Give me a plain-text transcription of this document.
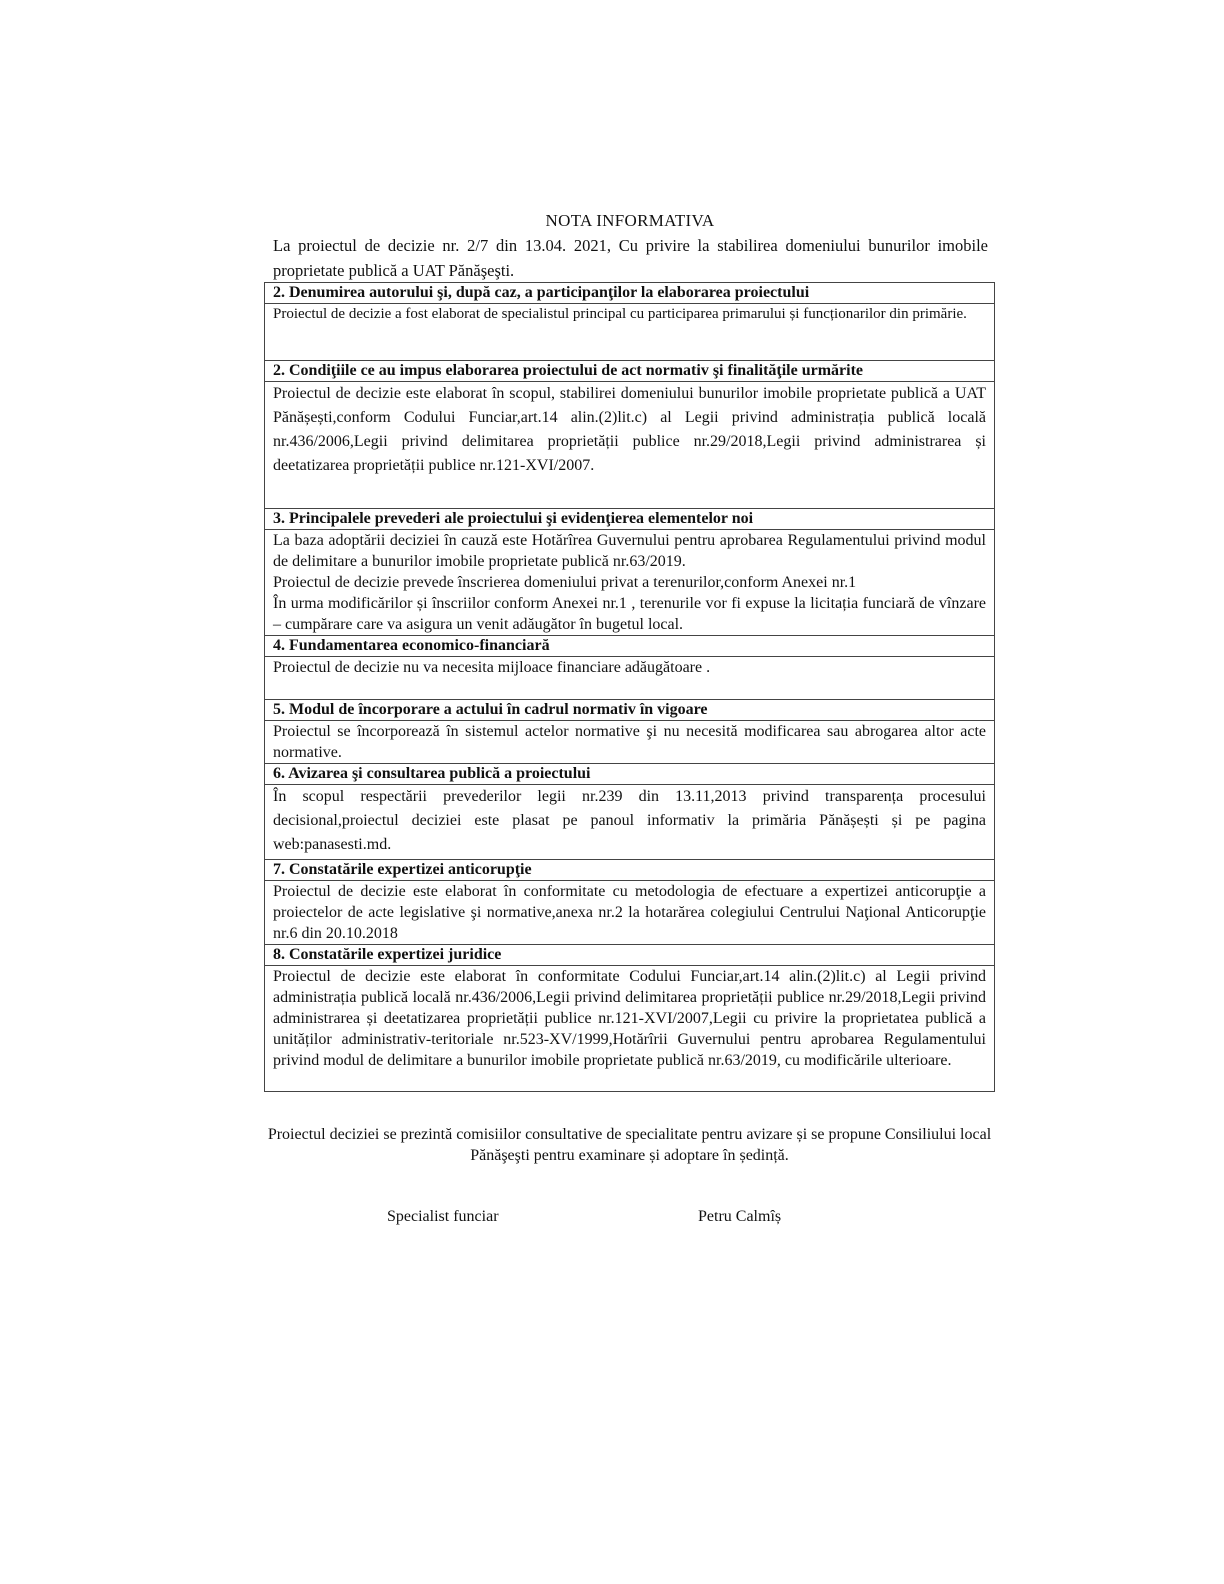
NOTA INFORMATIVA

La proiectul de decizie nr. 2/7 din 13.04. 2021, Cu privire la stabilirea domeniului bunurilor imobile proprietate publică a UAT Pănăşeşti.

2. Denumirea autorului şi, după caz, a participanţilor la elaborarea proiectului

Proiectul de decizie a fost elaborat de specialistul principal cu participarea primarului și funcționarilor din primărie.

2. Condiţiile ce au impus elaborarea proiectului de act normativ şi finalităţile urmărite

Proiectul de decizie este elaborat în scopul, stabilirei domeniului bunurilor imobile proprietate publică a UAT Pănășești,conform Codului Funciar,art.14 alin.(2)lit.c) al Legii privind administrația publică locală nr.436/2006,Legii privind delimitarea proprietății publice nr.29/2018,Legii privind administrarea și deetatizarea proprietății publice nr.121-XVI/2007.

3. Principalele prevederi ale proiectului şi evidenţierea elementelor noi

La baza adoptării deciziei în cauză este Hotărîrea Guvernului pentru aprobarea Regulamentului privind modul de delimitare a bunurilor imobile proprietate publică nr.63/2019.

Proiectul de decizie prevede înscrierea domeniului privat a terenurilor,conform Anexei nr.1

În urma modificărilor și înscriilor conform Anexei nr.1 , terenurile vor fi expuse la licitația funciară de vînzare – cumpărare care va asigura un venit adăugător în bugetul local.

4. Fundamentarea economico-financiară

Proiectul de decizie nu va necesita mijloace financiare adăugătoare .

5. Modul de încorporare a actului în cadrul normativ în vigoare

Proiectul se încorporează în sistemul actelor normative şi nu necesită modificarea sau abrogarea altor acte normative.

6. Avizarea şi consultarea publică a proiectului

În scopul respectării prevederilor legii nr.239 din 13.11,2013 privind transparența procesului decisional,proiectul deciziei este plasat pe panoul informativ la primăria Pănășești și pe pagina web:panasesti.md.

7. Constatările expertizei anticorupţie

Proiectul de decizie este elaborat în conformitate cu metodologia de efectuare a expertizei anticorupţie a proiectelor de acte legislative şi normative,anexa nr.2 la hotarărea colegiului Centrului Naţional Anticorupţie nr.6 din 20.10.2018

8. Constatările expertizei juridice

Proiectul de decizie este elaborat în conformitate Codului Funciar,art.14 alin.(2)lit.c) al Legii privind administrația publică locală nr.436/2006,Legii privind delimitarea proprietății publice nr.29/2018,Legii privind administrarea și deetatizarea proprietății publice nr.121-XVI/2007,Legii cu privire la proprietatea publică a unităților administrativ-teritoriale nr.523-XV/1999,Hotărîrii Guvernului pentru aprobarea Regulamentului privind modul de delimitare a bunurilor imobile proprietate publică nr.63/2019, cu modificările ulterioare.

Proiectul deciziei se prezintă comisiilor consultative de specialitate pentru avizare și se propune Consiliului local Pănăşeşti pentru examinare și adoptare în ședință.
Specialist funciar	Petru Calmîș
